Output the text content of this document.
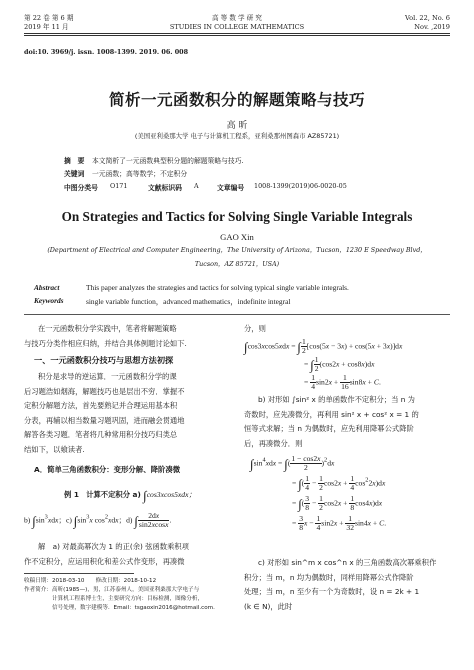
第 22 卷 第 6 期
2019 年 11 月
高 等 数 学 研 究
STUDIES IN COLLEGE MATHEMATICS
Vol. 22, No. 6
Nov. ,2019
doi:10. 3969/j. issn. 1008-1399. 2019. 06. 008
简析一元函数积分的解题策略与技巧
高 昕
(美国亚利桑那大学 电子与计算机工程系，亚利桑那州图森市 AZ85721)
摘　要 本文简析了一元函数典型积分题的解题策略与技巧.
关键词 一元函数；高等数学；不定积分
中图分类号 O171	文献标识码 A	文章编号 1008-1399(2019)06-0020-05
On Strategies and Tactics for Solving Single Variable Integrals
GAO Xin
(Department of Electrical and Computer Engineering，The University of Arizona，Tucson，1230 E Speedway Blvd，
Tucson，AZ 85721，USA)
Abstract	This paper analyzes the strategies and tactics for solving typical single variable integrals.
Keywords	single variable function，advanced mathematics，indefinite integral
在一元函数积分学实践中，笔者将解题策略
与技巧分类作相应归纳，并结合具体例题讨论如下.
一、一元函数积分技巧与思想方法初探
积分是求导的逆运算．一元函数积分学的课
后习题浩如烟海，解题技巧也是层出不穷．掌握不
定积分解题方法，首先要熟记并合理运用基本积
分表，再辅以相当数量习题巩固，进而融会贯通地
解答各类习题．笔者将几种常用积分技巧归类总
结如下，以飨读者.
A．简单三角函数积分：变形分解、降阶凑微
例 1　计算不定积分 a) ∫cos3xcos5xdx；
b) $\int\sin^3xdx$；c) $\int\sin^3x$ $\cos^2xdx$；d) ∫ $\frac{2dx}{\sin 2xcosx}$ .
解　a) 对最高幂次为 1 的正(余) 弦函数乘积项
作不定积分，应运用积化和差公式作变形，再凑微
收稿日期：2018-03-10　　修改日期：2018-10-12
作者简介：高昕(1985—)，男，江苏泰州人，美国亚利桑那大学电子与
计算机工程系博士生，主要研究方向：目标检测，图像分析，
信号处理，数字建模等．Email：tsgaoxin2016@hotmail.com.
分，则
∫cos3xcos5xdx = ∫ $\frac{1}{2} [\cos(5x - 3x) + \cos(5x + 3x)]dx$
= ∫ $\frac{1}{2} (\cos 2x + \cos 8x)dx$
= $\frac{1}{4} \sin 2x + \frac{1}{16} \sin 8x + C$.
b) 对形如 ∫sin² x 的单函数作不定积分；当 n 为
奇数时，应先凑微分，再利用 sin² x + cos² x = 1 的
恒等式求解；当 n 为偶数时，应先利用降幂公式降阶
后，再凑微分．则
$\int\sin^4xdx$ = ∫( $\frac{1 - \cos 2x}{2} )^2dx$
= ∫( $\frac{1}{4} - \frac{1}{2} \cos 2x + \frac{1}{4} \cos^22x)dx$
= ∫( $\frac{3}{8} - \frac{1}{2} \cos 2x + \frac{1}{8} \cos 4x)dx$
= $\frac{3}{8}$ $x - \frac{1}{4} \sin 2x + \frac{1}{32} \sin 4x + C$.
c) 对形如 sin^m x cos^n x 的三角函数高次幂乘积作
积分；当 m，n 均为偶数时，同样用降幂公式作降阶
处理；当 m，n 至少有一个为奇数时，设 n = 2k + 1
(k ∈ N)，此时
